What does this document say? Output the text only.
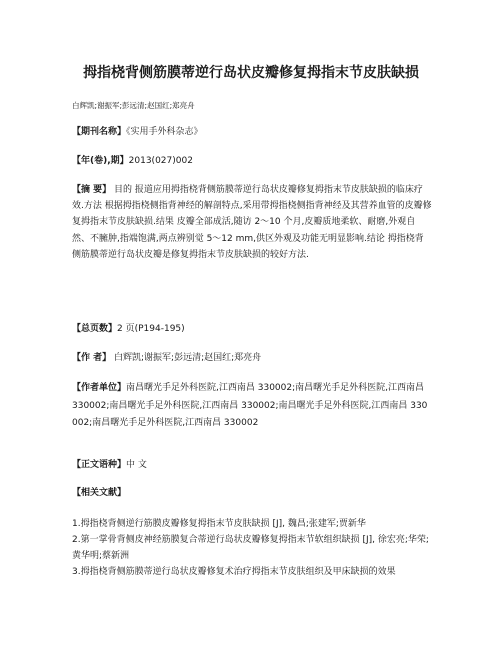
拇指桡背侧筋膜蒂逆行岛状皮瓣修复拇指末节皮肤缺损
白辉凯;谢振军;彭远清;赵国红;郑亮舟
【期刊名称】《实用手外科杂志》
【年(卷),期】2013(027)002
【摘 要】 目的 报道应用拇指桡背侧筋膜蒂逆行岛状皮瓣修复拇指末节皮肤缺损的临床疗效.方法 根据拇指桡侧指背神经的解剖特点,采用带拇指桡侧指背神经及其营养血管的皮瓣修复拇指末节皮肤缺损.结果 皮瓣全部成活,随访 2～10 个月,皮瓣质地柔软、耐磨,外观自然、不臃肿,指端饱满,两点辨别觉 5～12 mm,供区外观及功能无明显影响.结论 拇指桡背侧筋膜蒂逆行岛状皮瓣是修复拇指末节皮肤缺损的较好方法.
【总页数】2 页(P194-195)
【作 者】 白辉凯;谢振军;彭远清;赵国红;郑亮舟
【作者单位】南昌曙光手足外科医院,江西南昌 330002;南昌曙光手足外科医院,江西南昌 330002;南昌曙光手足外科医院,江西南昌 330002;南昌曙光手足外科医院,江西南昌 330002;南昌曙光手足外科医院,江西南昌 330002
【正文语种】中 文
【相关文献】

1.拇指桡背侧逆行筋膜皮瓣修复拇指末节皮肤缺损 [J], 魏昌;张建军;贾新华

2.第一掌骨背侧皮神经筋膜复合蒂逆行岛状皮瓣修复拇指末节软组织缺损 [J], 徐宏亮;华荣;黄华明;蔡新洲

3.拇指桡背侧筋膜蒂逆行岛状皮瓣修复术治疗拇指末节皮肤组织及甲床缺损的效果
